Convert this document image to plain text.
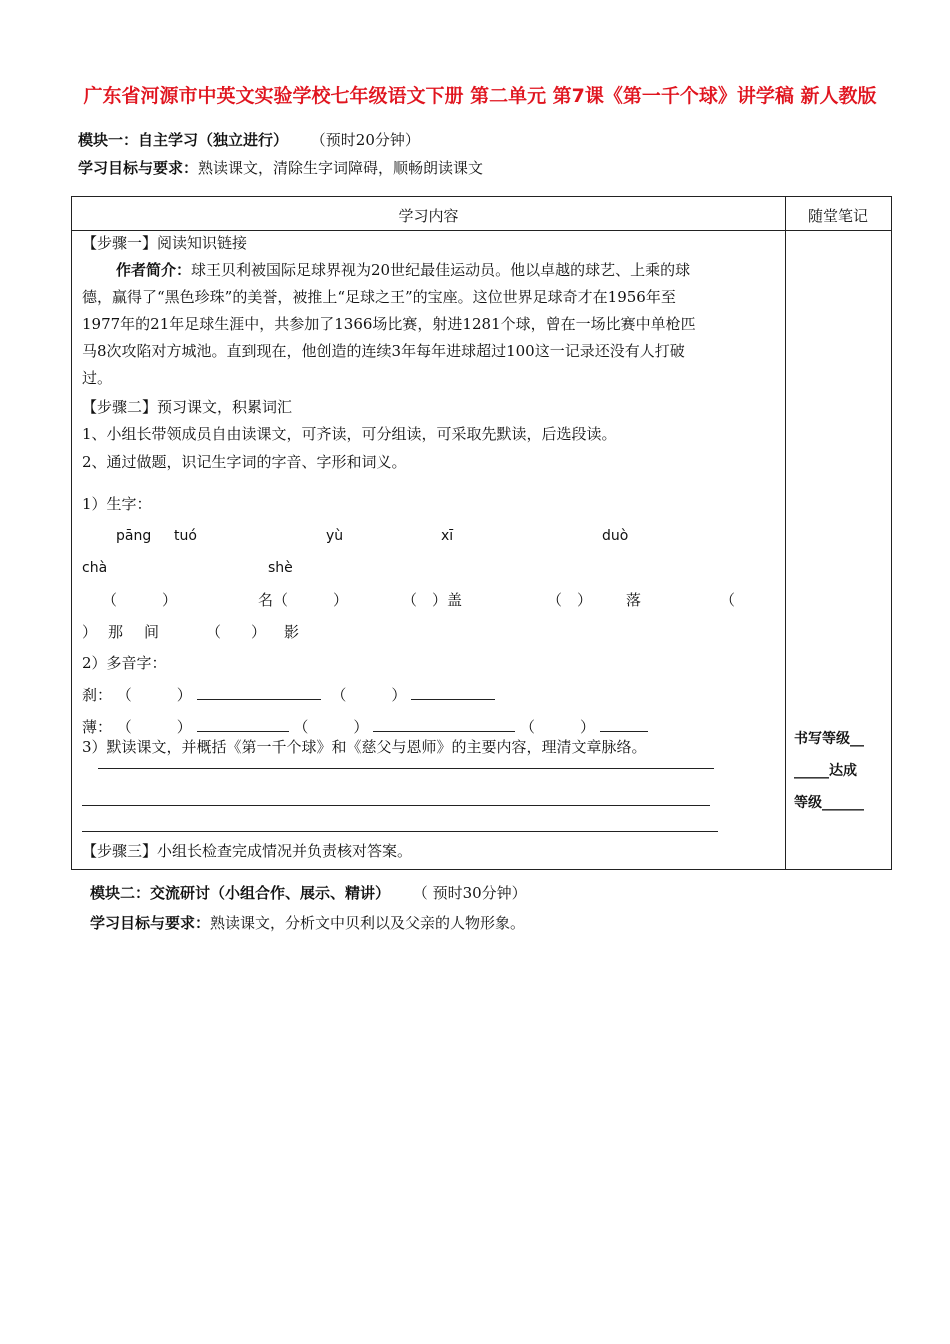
广东省河源市中英文实验学校七年级语文下册 第二单元 第7课《第一千个球》讲学稿 新人教版
模块一：自主学习（独立进行） （预时20分钟）
学习目标与要求：熟读课文，清除生字词障碍，顺畅朗读课文
学习内容	随堂笔记
【步骤一】阅读知识链接
作者简介：球王贝利被国际足球界视为20世纪最佳运动员。他以卓越的球艺、上乘的球
德，赢得了“黑色珍珠”的美誉，被推上“足球之王”的宝座。这位世界足球奇才在1956年至
1977年的21年足球生涯中，共参加了1366场比赛，射进1281个球，曾在一场比赛中单枪匹
马8次攻陷对方城池。直到现在，他创造的连续3年每年进球超过100这一记录还没有人打破
过。
【步骤二】预习课文，积累词汇
1、小组长带领成员自由读课文，可齐读，可分组读，可采取先默读，后选段读。
2、通过做题，识记生字词的字音、字形和词义。
1）生字：
pāng tuó	yù	xī	duò
chà	shè
（　　　）	名（　　　）	（　）盖	（　） 落	（
） 那 间	（　　） 影
2）多音字：
刹： （　　　）	（　　　）
薄： （　　　）	（　　　）	（　　　）
3）默读课文，并概括《第一千个球》和《慈父与恩师》的主要内容，理清文章脉络。
【步骤三】小组长检查完成情况并负责核对答案。
书写等级__
_____达成
等级______
模块二：交流研讨（小组合作、展示、精讲） （ 预时30分钟）
学习目标与要求：熟读课文，分析文中贝利以及父亲的人物形象。
